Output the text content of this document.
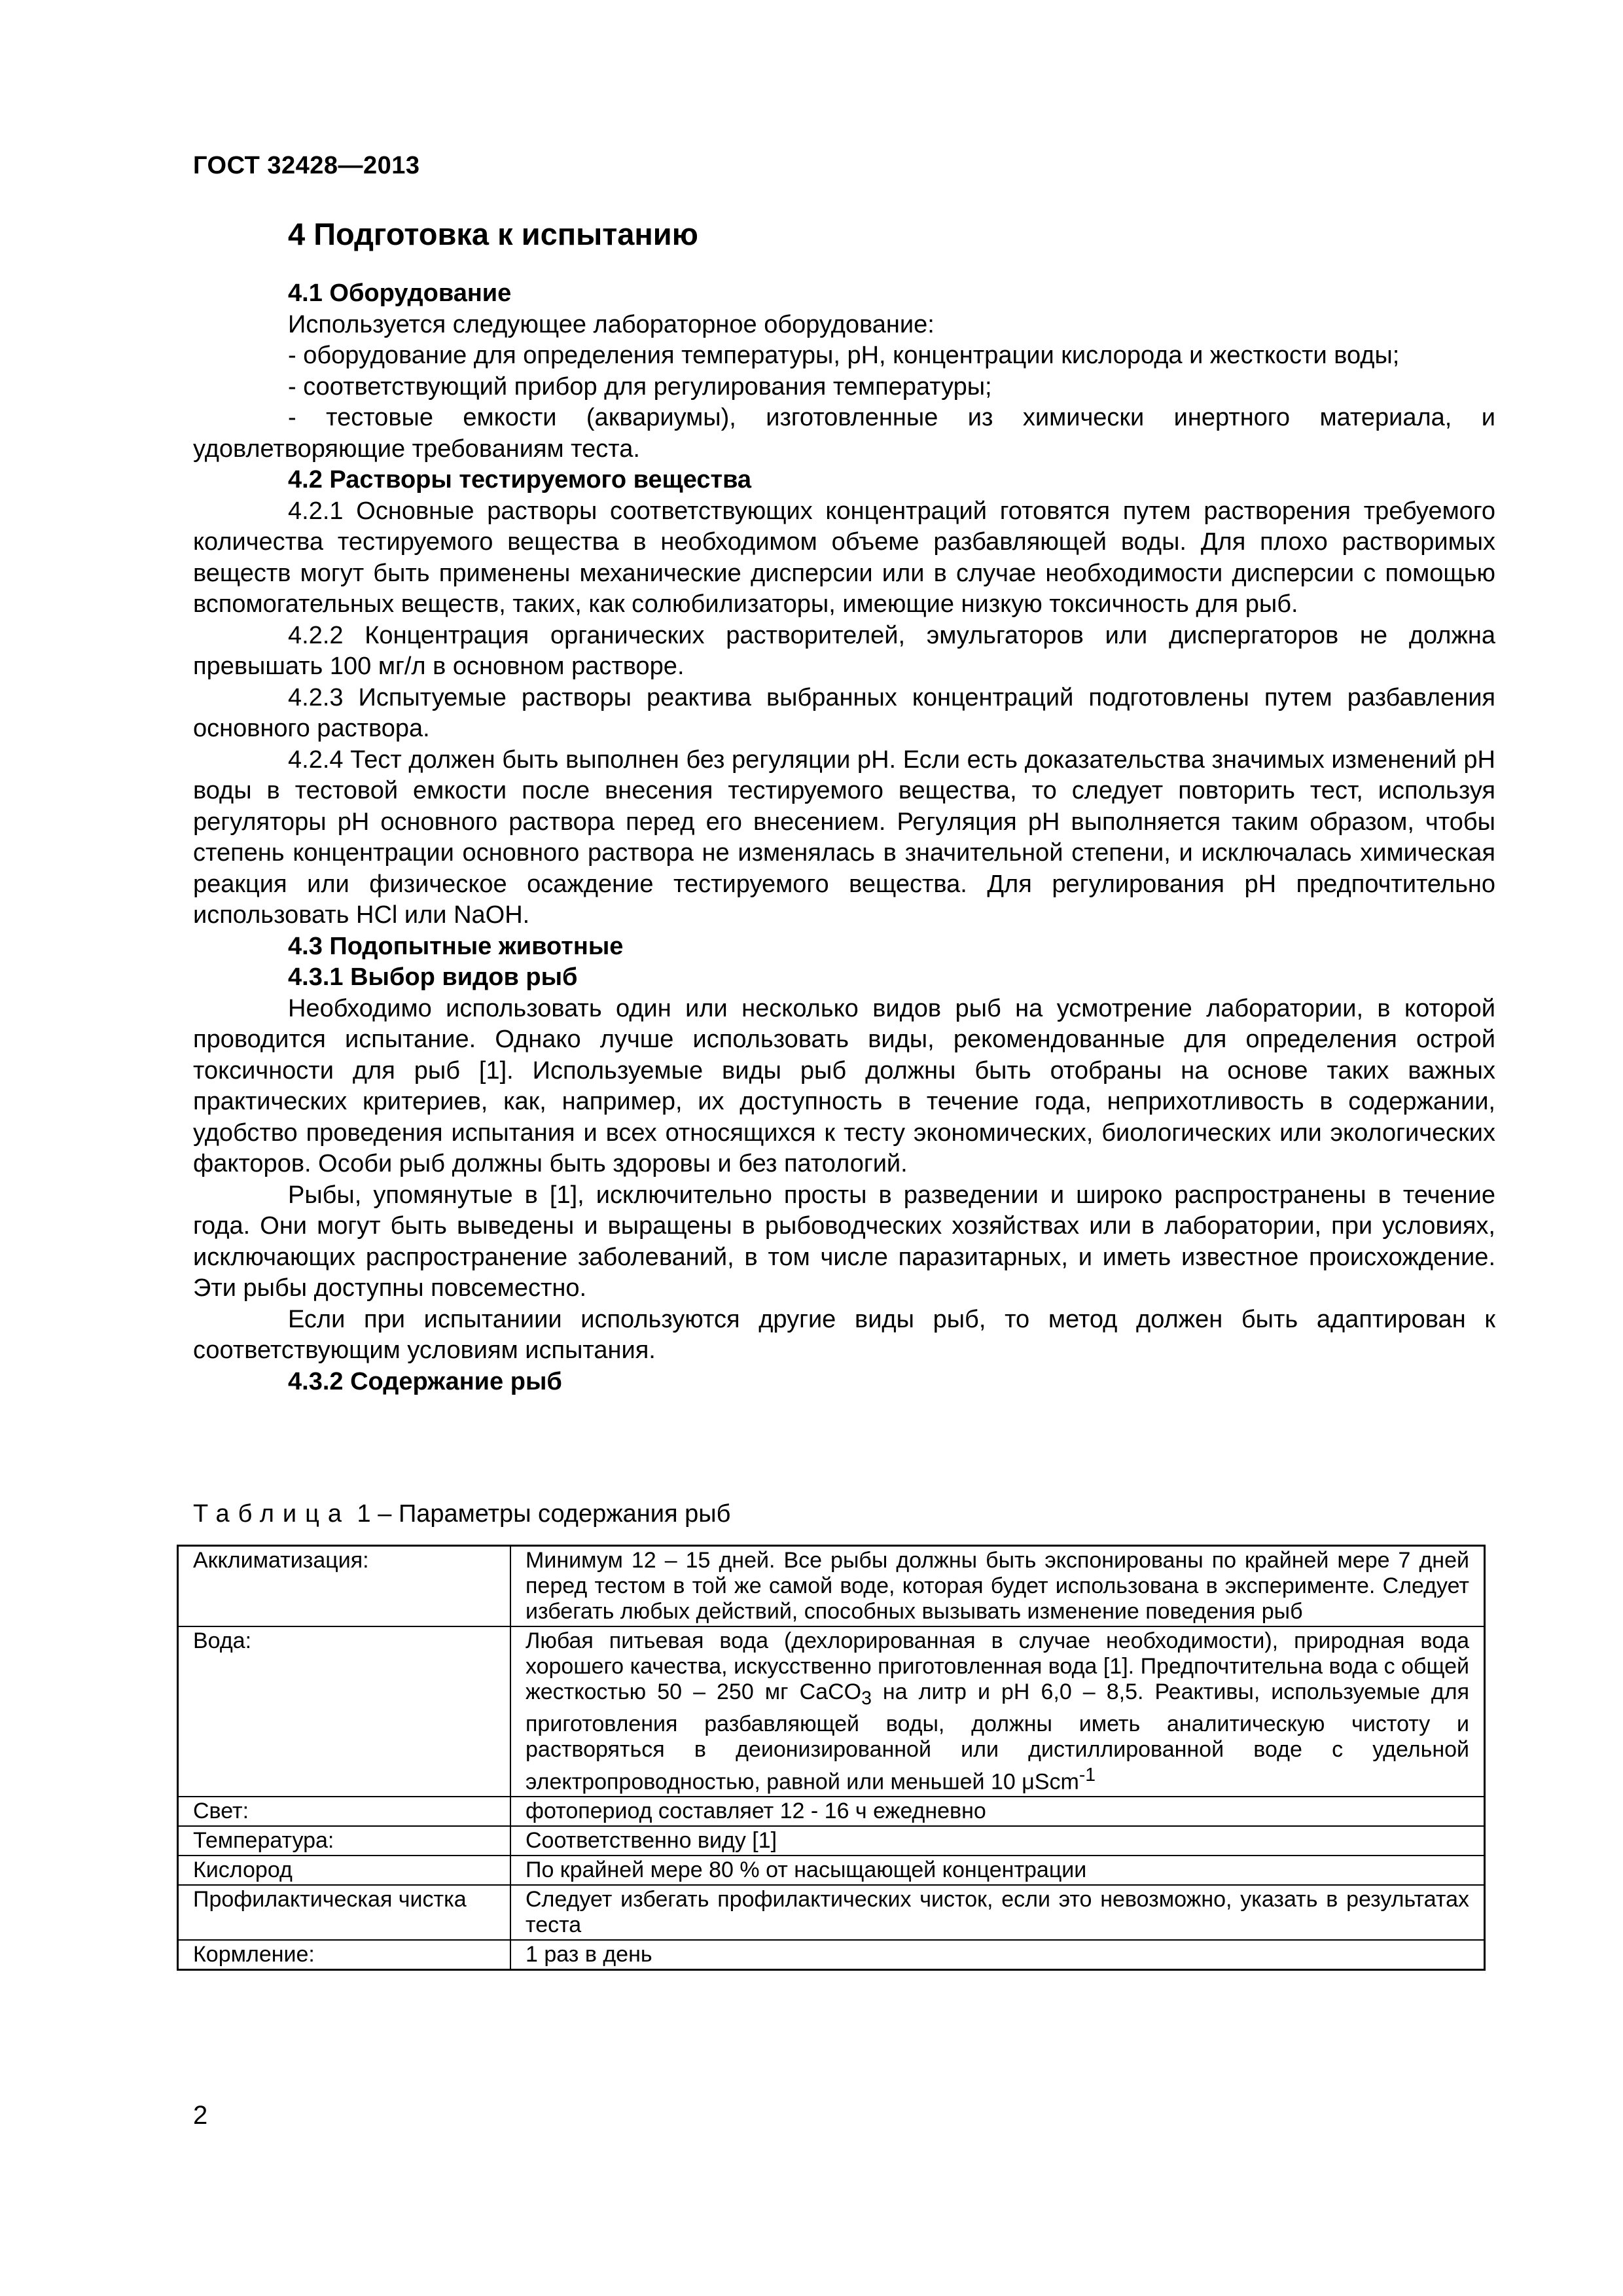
ГОСТ 32428—2013
4 Подготовка к испытанию

4.1 Оборудование

Используется следующее лабораторное оборудование:

- оборудование для определения температуры, pH, концентрации кислорода и жесткости воды;

- соответствующий прибор для регулирования температуры;

- тестовые емкости (аквариумы), изготовленные из химически инертного материала, и удовлетворяющие требованиям теста.

4.2 Растворы тестируемого вещества

4.2.1 Основные растворы соответствующих концентраций готовятся путем растворения требуемого количества тестируемого вещества в необходимом объеме разбавляющей воды. Для плохо растворимых веществ могут быть применены механические дисперсии или в случае необходимости дисперсии с помощью вспомогательных веществ, таких, как солюбилизаторы, имеющие низкую токсичность для рыб.

4.2.2 Концентрация органических растворителей, эмульгаторов или диспергаторов не должна превышать 100 мг/л в основном растворе.

4.2.3 Испытуемые растворы реактива выбранных концентраций подготовлены путем разбавления основного раствора.

4.2.4 Тест должен быть выполнен без регуляции pH. Если есть доказательства значимых изменений pH воды в тестовой емкости после внесения тестируемого вещества, то следует повторить тест, используя регуляторы pH основного раствора перед его внесением. Регуляция pH выполняется таким образом, чтобы степень концентрации основного раствора не изменялась в значительной степени, и исключалась химическая реакция или физическое осаждение тестируемого вещества. Для регулирования pH предпочтительно использовать HCl или NaOH.

4.3 Подопытные животные

4.3.1 Выбор видов рыб

Необходимо использовать один или несколько видов рыб на усмотрение лаборатории, в которой проводится испытание. Однако лучше использовать виды, рекомендованные для определения острой токсичности для рыб [1]. Используемые виды рыб должны быть отобраны на основе таких важных практических критериев, как, например, их доступность в течение года, неприхотливость в содержании, удобство проведения испытания и всех относящихся к тесту экономических, биологических или экологических факторов. Особи рыб должны быть здоровы и без патологий.

Рыбы, упомянутые в [1], исключительно просты в разведении и широко распространены в течение года. Они могут быть выведены и выращены в рыбоводческих хозяйствах или в лаборатории, при условиях, исключающих распространение заболеваний, в том числе паразитарных, и иметь известное происхождение. Эти рыбы доступны повсеместно.

Если при испытаниии используются другие виды рыб, то метод должен быть адаптирован к соответствующим условиям испытания.

4.3.2 Содержание рыб

Таблица 1 – Параметры содержания рыб
Акклиматизация:	Минимум 12 – 15 дней. Все рыбы должны быть экспонированы по крайней мере 7 дней перед тестом в той же самой воде, которая будет использована в эксперименте. Следует избегать любых действий, способных вызывать изменение поведения рыб
Вода:	Любая питьевая вода (дехлорированная в случае необходимости), природная вода хорошего качества, искусственно приготовленная вода [1]. Предпочтительна вода с общей жесткостью 50 – 250 мг CaCO$_3$ на литр и pH 6,0 – 8,5. Реактивы, используемые для приготовления разбавляющей воды, должны иметь аналитическую чистоту и растворяться в деионизированной или дистиллированной воде с удельной электропроводностью, равной или меньшей 10 μScm$^{-1}$
Свет:	фотопериод составляет 12 - 16 ч ежедневно
Температура:	Соответственно виду [1]
Кислород	По крайней мере 80 % от насыщающей концентрации
Профилактическая чистка	Следует избегать профилактических чисток, если это невозможно, указать в результатах теста
Кормление:	1 раз в день
2
